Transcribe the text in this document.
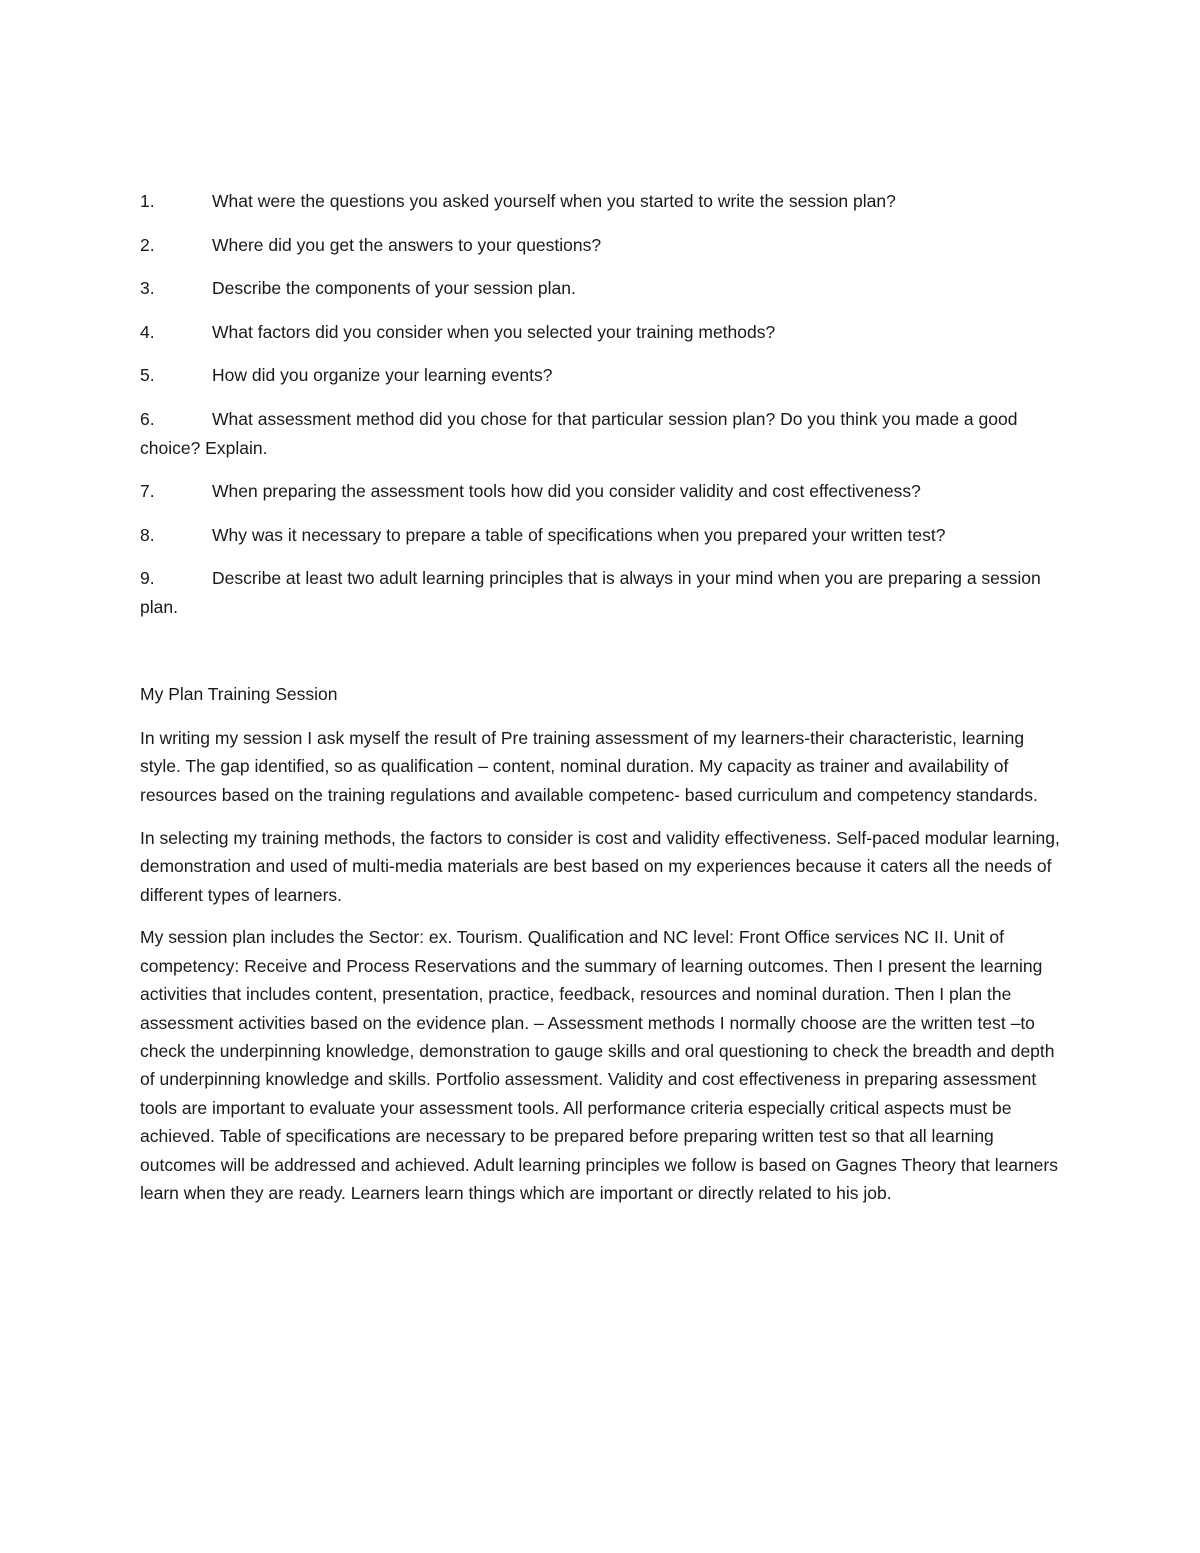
1.	What were the questions you asked yourself when you started to write the session plan?

2.	Where did you get the answers to your questions?

3.	Describe the components of your session plan.

4.	What factors did you consider when you selected your training methods?

5.	How did you organize your learning events?

6.	What assessment method did you chose for that particular session plan? Do you think you made a good choice? Explain.

7.	When preparing the assessment tools how did you consider validity and cost effectiveness?

8.	Why was it necessary to prepare a table of specifications when you prepared your written test?

9.	Describe at least two adult learning principles that is always in your mind when you are preparing a session plan.

My Plan Training Session

In writing my session I ask myself the result of Pre training assessment of my learners-their characteristic, learning style. The gap identified, so as qualification – content, nominal duration. My capacity as trainer and availability of resources based on the training regulations and available competenc- based curriculum and competency standards.

In selecting my training methods, the factors to consider is cost and validity effectiveness. Self-paced modular learning, demonstration and used of multi-media materials are best based on my experiences because it caters all the needs of different types of learners.

My session plan includes the Sector: ex. Tourism. Qualification and NC level: Front Office services NC II. Unit of competency: Receive and Process Reservations and the summary of learning outcomes. Then I present the learning activities that includes content, presentation, practice, feedback, resources and nominal duration. Then I plan the assessment activities based on the evidence plan. – Assessment methods I normally choose are the written test –to check the underpinning knowledge, demonstration to gauge skills and oral questioning to check the breadth and depth of underpinning knowledge and skills. Portfolio assessment. Validity and cost effectiveness in preparing assessment tools are important to evaluate your assessment tools. All performance criteria especially critical aspects must be achieved. Table of specifications are necessary to be prepared before preparing written test so that all learning outcomes will be addressed and achieved. Adult learning principles we follow is based on Gagnes Theory that learners learn when they are ready. Learners learn things which are important or directly related to his job.
